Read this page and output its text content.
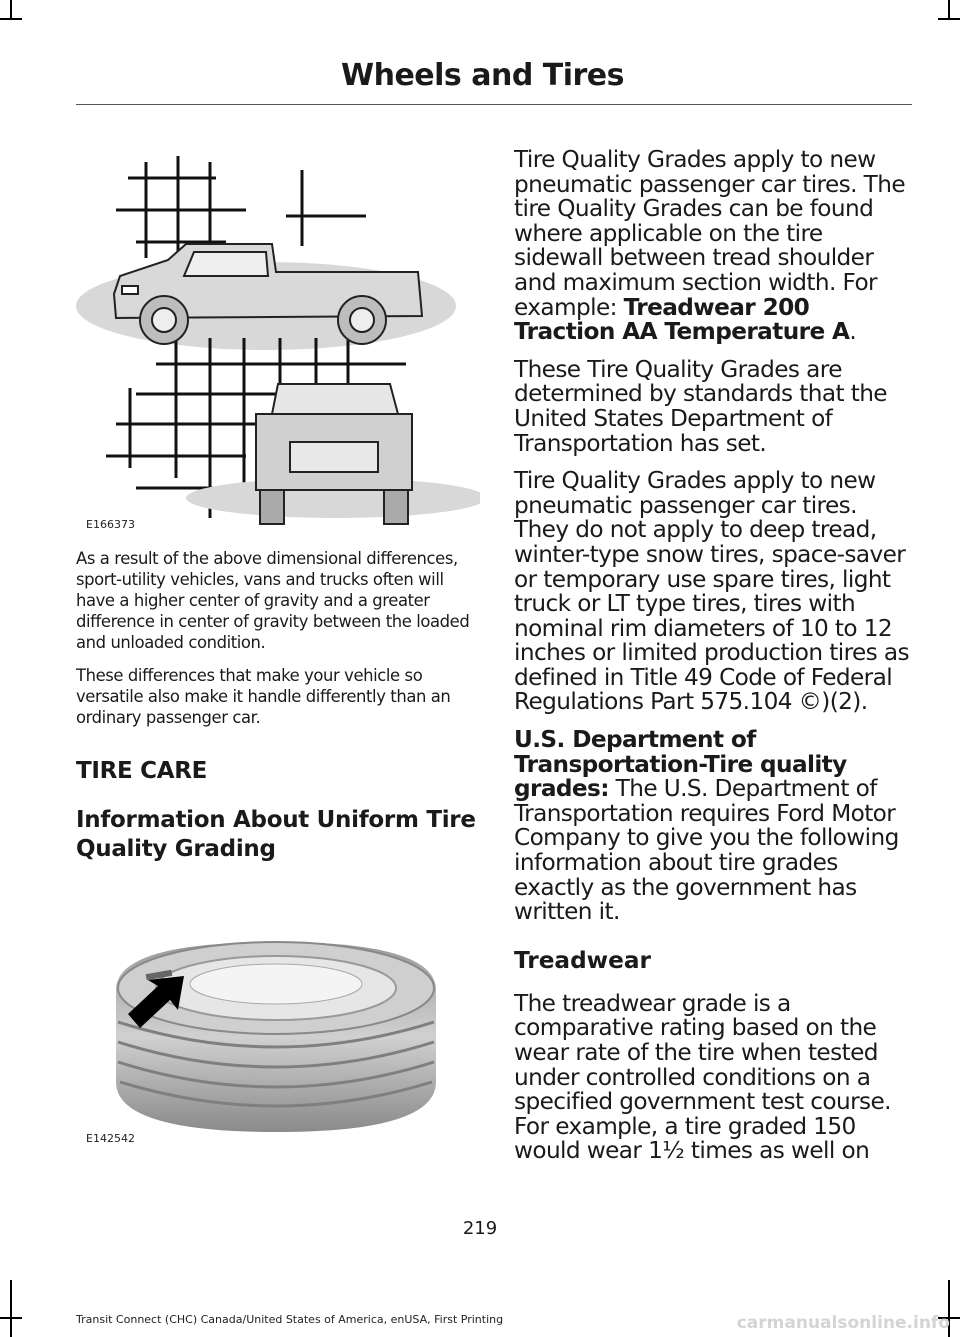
Wheels and Tires
E166373

As a result of the above dimensional differences, sport-utility vehicles, vans and trucks often will have a higher center of gravity and a greater difference in center of gravity between the loaded and unloaded condition.

These differences that make your vehicle so versatile also make it handle differently than an ordinary passenger car.

TIRE CARE
Information About Uniform Tire Quality Grading
E142542

Tire Quality Grades apply to new pneumatic passenger car tires. The tire Quality Grades can be found where applicable on the tire sidewall between tread shoulder and maximum section width. For example: Treadwear 200 Traction AA Temperature A.

These Tire Quality Grades are determined by standards that the United States Department of Transportation has set.

Tire Quality Grades apply to new pneumatic passenger car tires. They do not apply to deep tread, winter-type snow tires, space-saver or temporary use spare tires, light truck or LT type tires, tires with nominal rim diameters of 10 to 12 inches or limited production tires as defined in Title 49 Code of Federal Regulations Part 575.104 ©)(2).

U.S. Department of Transportation-Tire quality grades: The U.S. Department of Transportation requires Ford Motor Company to give you the following information about tire grades exactly as the government has written it.

Treadwear

The treadwear grade is a comparative rating based on the wear rate of the tire when tested under controlled conditions on a specified government test course. For example, a tire graded 150 would wear 1½ times as well on

219
Transit Connect (CHC) Canada/United States of America, enUSA, First Printing	carmanualsonline.info
